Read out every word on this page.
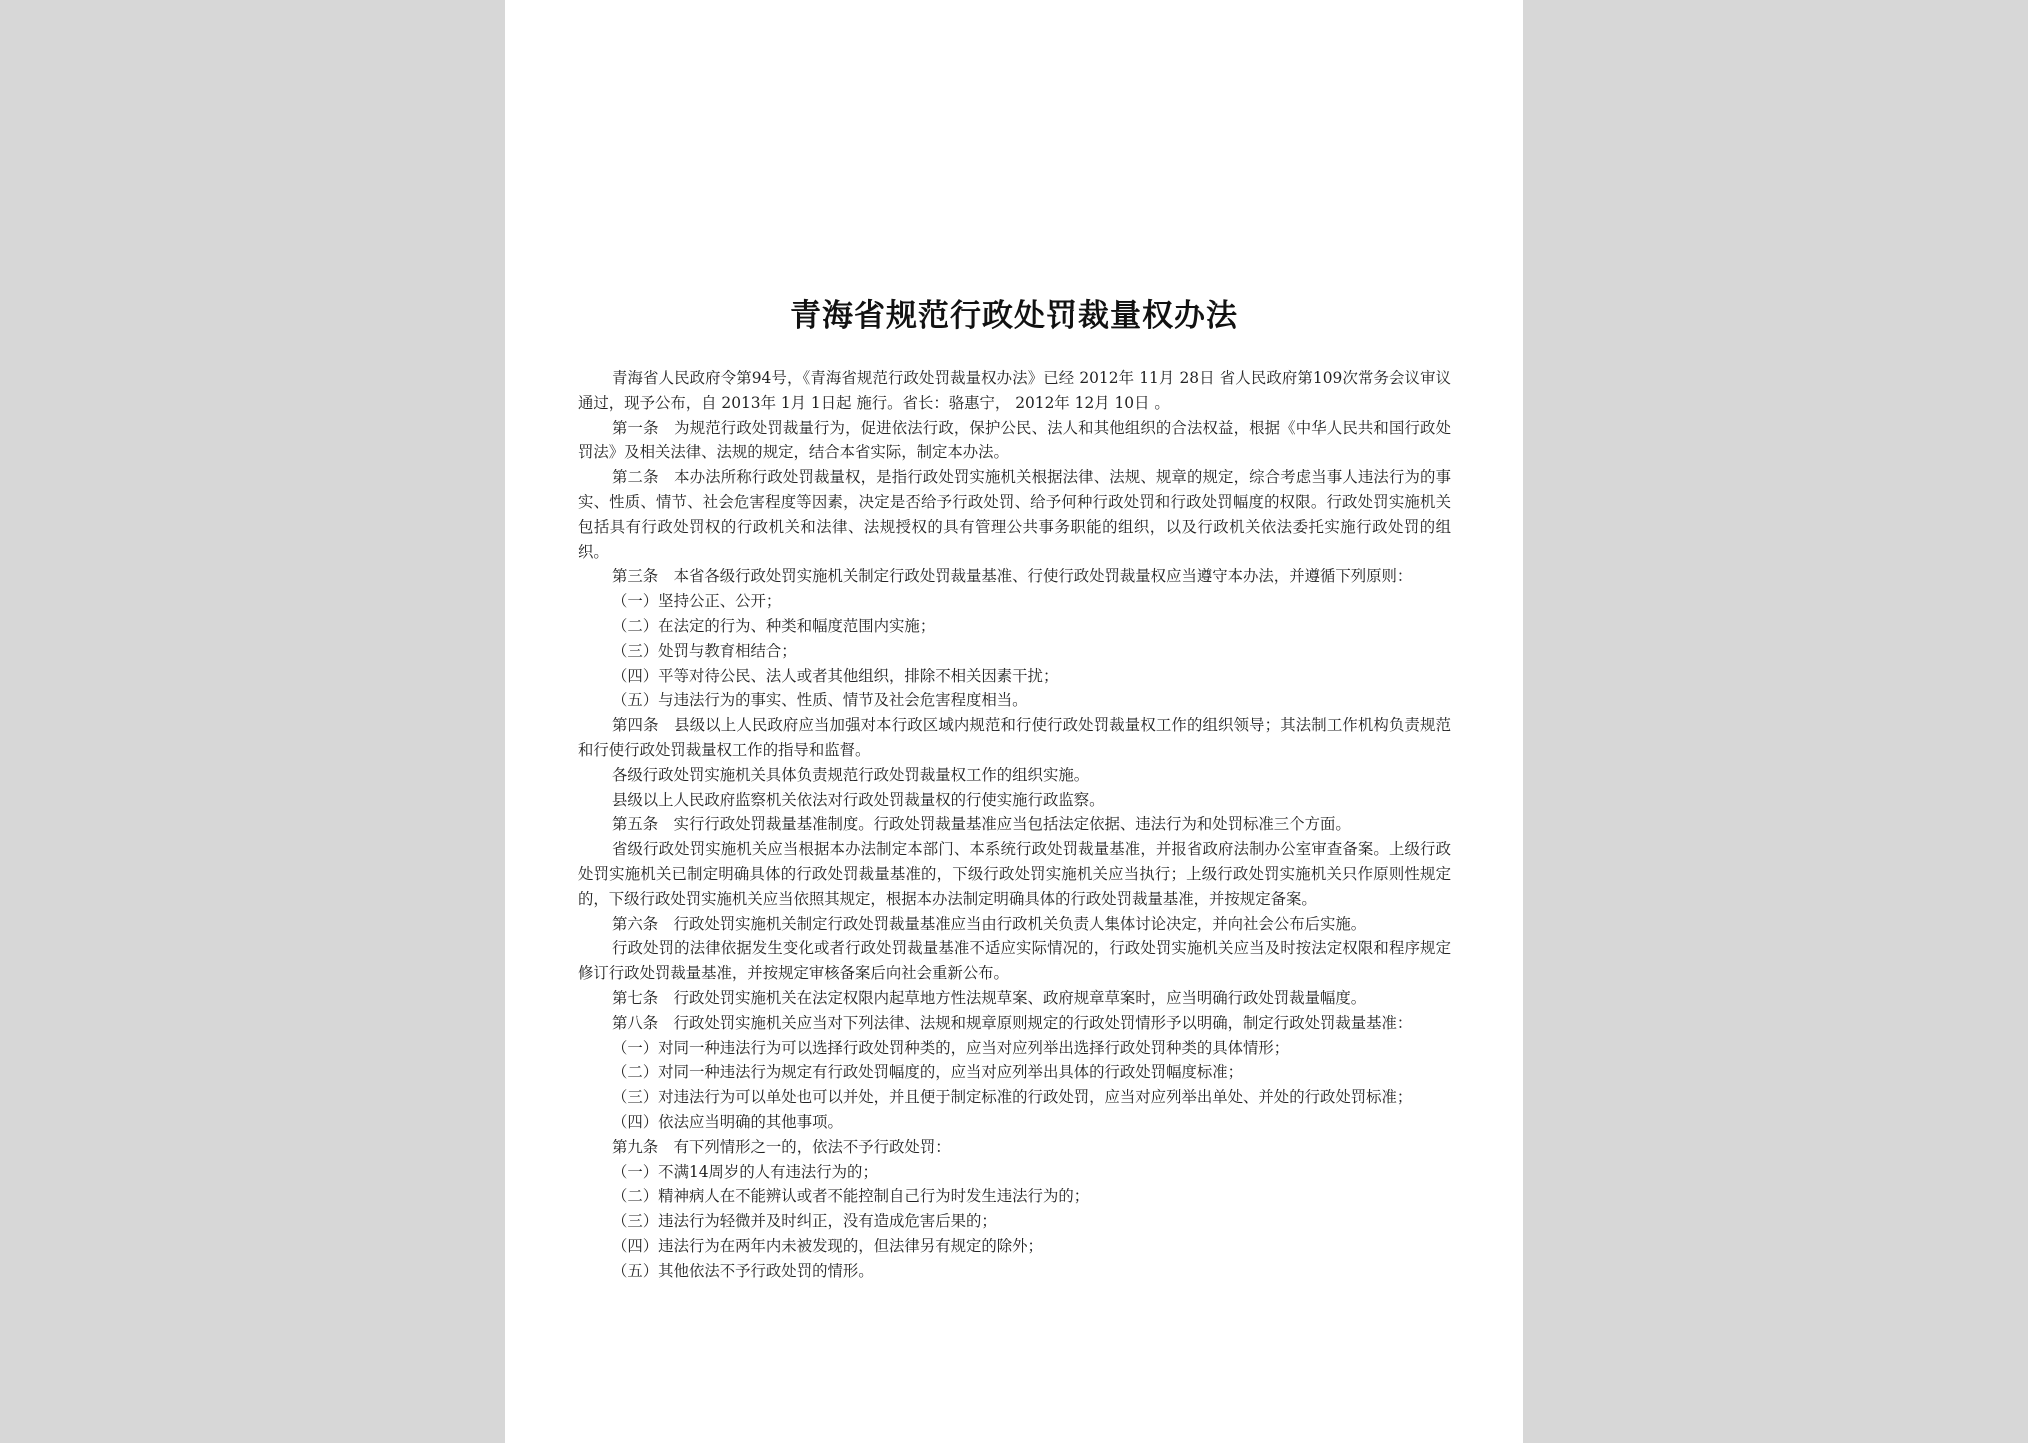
青海省规范行政处罚裁量权办法

青海省人民政府令第94号，《青海省规范行政处罚裁量权办法》已经 2012年 11月 28日 省人民政府第109次常务会议审议通过，现予公布，自 2013年 1月 1日起 施行。省长：骆惠宁， 2012年 12月 10日 。

第一条　为规范行政处罚裁量行为，促进依法行政，保护公民、法人和其他组织的合法权益，根据《中华人民共和国行政处罚法》及相关法律、法规的规定，结合本省实际，制定本办法。

第二条　本办法所称行政处罚裁量权，是指行政处罚实施机关根据法律、法规、规章的规定，综合考虑当事人违法行为的事实、性质、情节、社会危害程度等因素，决定是否给予行政处罚、给予何种行政处罚和行政处罚幅度的权限。行政处罚实施机关包括具有行政处罚权的行政机关和法律、法规授权的具有管理公共事务职能的组织，以及行政机关依法委托实施行政处罚的组织。

第三条　本省各级行政处罚实施机关制定行政处罚裁量基准、行使行政处罚裁量权应当遵守本办法，并遵循下列原则：

（一）坚持公正、公开；

（二）在法定的行为、种类和幅度范围内实施；

（三）处罚与教育相结合；

（四）平等对待公民、法人或者其他组织，排除不相关因素干扰；

（五）与违法行为的事实、性质、情节及社会危害程度相当。

第四条　县级以上人民政府应当加强对本行政区域内规范和行使行政处罚裁量权工作的组织领导；其法制工作机构负责规范和行使行政处罚裁量权工作的指导和监督。

各级行政处罚实施机关具体负责规范行政处罚裁量权工作的组织实施。

县级以上人民政府监察机关依法对行政处罚裁量权的行使实施行政监察。

第五条　实行行政处罚裁量基准制度。行政处罚裁量基准应当包括法定依据、违法行为和处罚标准三个方面。

省级行政处罚实施机关应当根据本办法制定本部门、本系统行政处罚裁量基准，并报省政府法制办公室审查备案。上级行政处罚实施机关已制定明确具体的行政处罚裁量基准的，下级行政处罚实施机关应当执行；上级行政处罚实施机关只作原则性规定的，下级行政处罚实施机关应当依照其规定，根据本办法制定明确具体的行政处罚裁量基准，并按规定备案。

第六条　行政处罚实施机关制定行政处罚裁量基准应当由行政机关负责人集体讨论决定，并向社会公布后实施。

行政处罚的法律依据发生变化或者行政处罚裁量基准不适应实际情况的，行政处罚实施机关应当及时按法定权限和程序规定修订行政处罚裁量基准，并按规定审核备案后向社会重新公布。

第七条　行政处罚实施机关在法定权限内起草地方性法规草案、政府规章草案时，应当明确行政处罚裁量幅度。

第八条　行政处罚实施机关应当对下列法律、法规和规章原则规定的行政处罚情形予以明确，制定行政处罚裁量基准：

（一）对同一种违法行为可以选择行政处罚种类的，应当对应列举出选择行政处罚种类的具体情形；

（二）对同一种违法行为规定有行政处罚幅度的，应当对应列举出具体的行政处罚幅度标准；

（三）对违法行为可以单处也可以并处，并且便于制定标准的行政处罚，应当对应列举出单处、并处的行政处罚标准；

（四）依法应当明确的其他事项。

第九条　有下列情形之一的，依法不予行政处罚：

（一）不满14周岁的人有违法行为的；

（二）精神病人在不能辨认或者不能控制自己行为时发生违法行为的；

（三）违法行为轻微并及时纠正，没有造成危害后果的；

（四）违法行为在两年内未被发现的，但法律另有规定的除外；

（五）其他依法不予行政处罚的情形。
